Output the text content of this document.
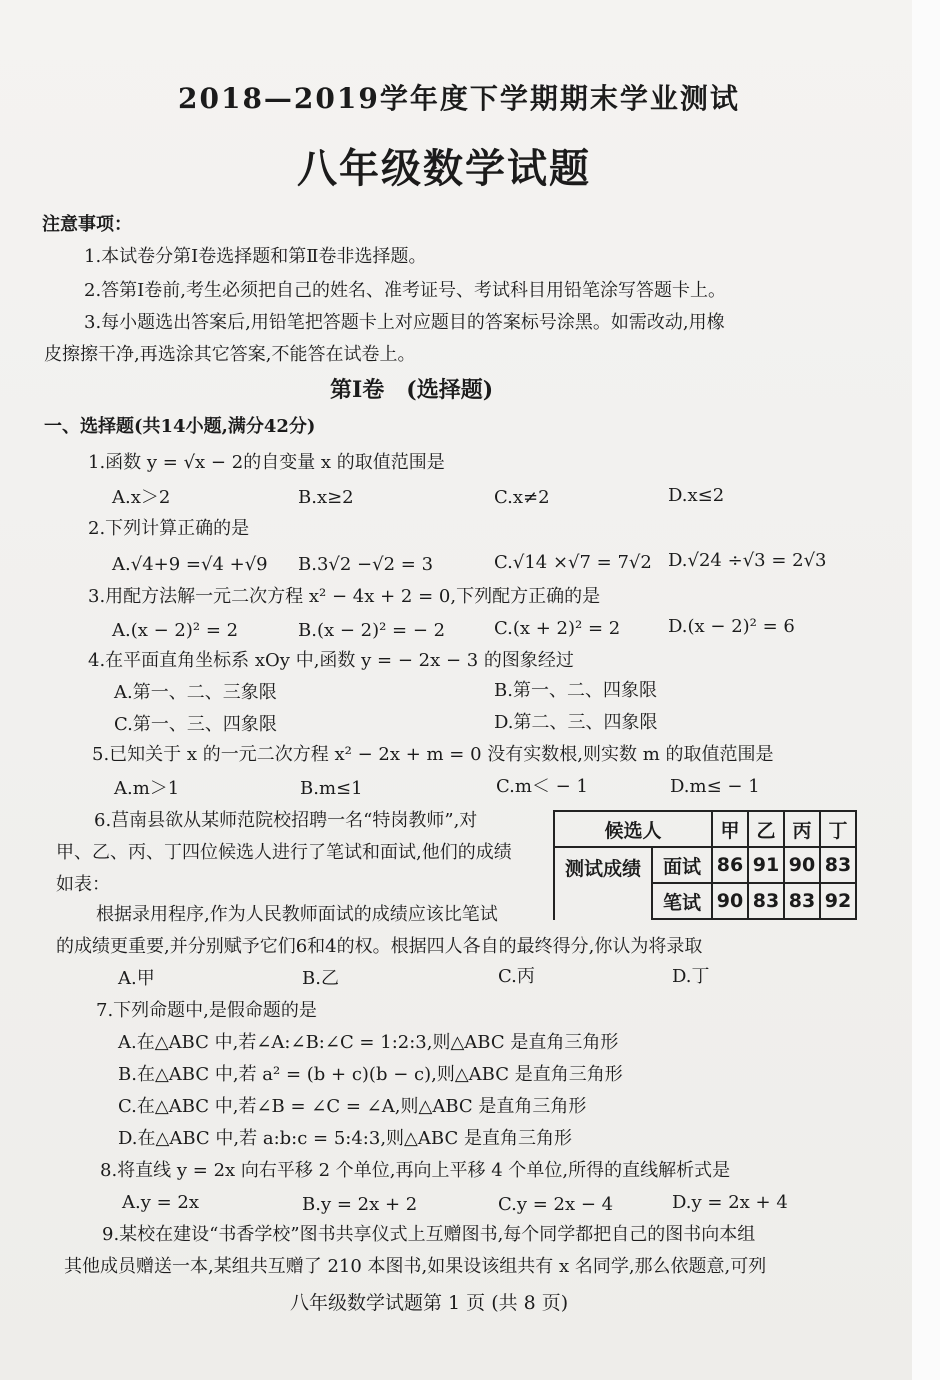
2018—2019学年度下学期期末学业测试
八年级数学试题
注意事项：
1.本试卷分第Ⅰ卷选择题和第Ⅱ卷非选择题。
2.答第Ⅰ卷前,考生必须把自己的姓名、准考证号、考试科目用铅笔涂写答题卡上。
3.每小题选出答案后,用铅笔把答题卡上对应题目的答案标号涂黑。如需改动,用橡
皮擦擦干净,再选涂其它答案,不能答在试卷上。
第Ⅰ卷　(选择题)
一、选择题(共14小题,满分42分)
1.函数 y = √x − 2的自变量 x 的取值范围是
A.x＞2	B.x≥2	C.x≠2	D.x≤2
2.下列计算正确的是
A.√4+9 =√4 +√9 B.3√2 −√2 = 3	C.√14 ×√7 = 7√2 D.√24 ÷√3 = 2√3
3.用配方法解一元二次方程 x² − 4x + 2 = 0,下列配方正确的是
A.(x − 2)² = 2	B.(x − 2)² = − 2	C.(x + 2)² = 2	D.(x − 2)² = 6
4.在平面直角坐标系 xOy 中,函数 y = − 2x − 3 的图象经过
A.第一、二、三象限	B.第一、二、四象限
C.第一、三、四象限	D.第二、三、四象限
5.已知关于 x 的一元二次方程 x² − 2x + m = 0 没有实数根,则实数 m 的取值范围是
A.m＞1	B.m≤1	C.m＜ − 1	D.m≤ − 1
6.莒南县欲从某师范院校招聘一名“特岗教师”,对
甲、乙、丙、丁四位候选人进行了笔试和面试,他们的成绩
如表：
根据录用程序,作为人民教师面试的成绩应该比笔试
的成绩更重要,并分别赋予它们6和4的权。根据四人各自的最终得分,你认为将录取
候选人		甲	乙	丙	丁
测试成绩	面试	86	91	90	83
	笔试	90	83	83	92
A.甲	B.乙	C.丙	D.丁
7.下列命题中,是假命题的是
A.在△ABC 中,若∠A:∠B:∠C = 1:2:3,则△ABC 是直角三角形
B.在△ABC 中,若 a² = (b + c)(b − c),则△ABC 是直角三角形
C.在△ABC 中,若∠B = ∠C = ∠A,则△ABC 是直角三角形
D.在△ABC 中,若 a:b:c = 5:4:3,则△ABC 是直角三角形
8.将直线 y = 2x 向右平移 2 个单位,再向上平移 4 个单位,所得的直线解析式是
A.y = 2x	B.y = 2x + 2	C.y = 2x − 4	D.y = 2x + 4
9.某校在建设“书香学校”图书共享仪式上互赠图书,每个同学都把自己的图书向本组
其他成员赠送一本,某组共互赠了 210 本图书,如果设该组共有 x 名同学,那么依题意,可列
八年级数学试题第 1 页 (共 8 页)
